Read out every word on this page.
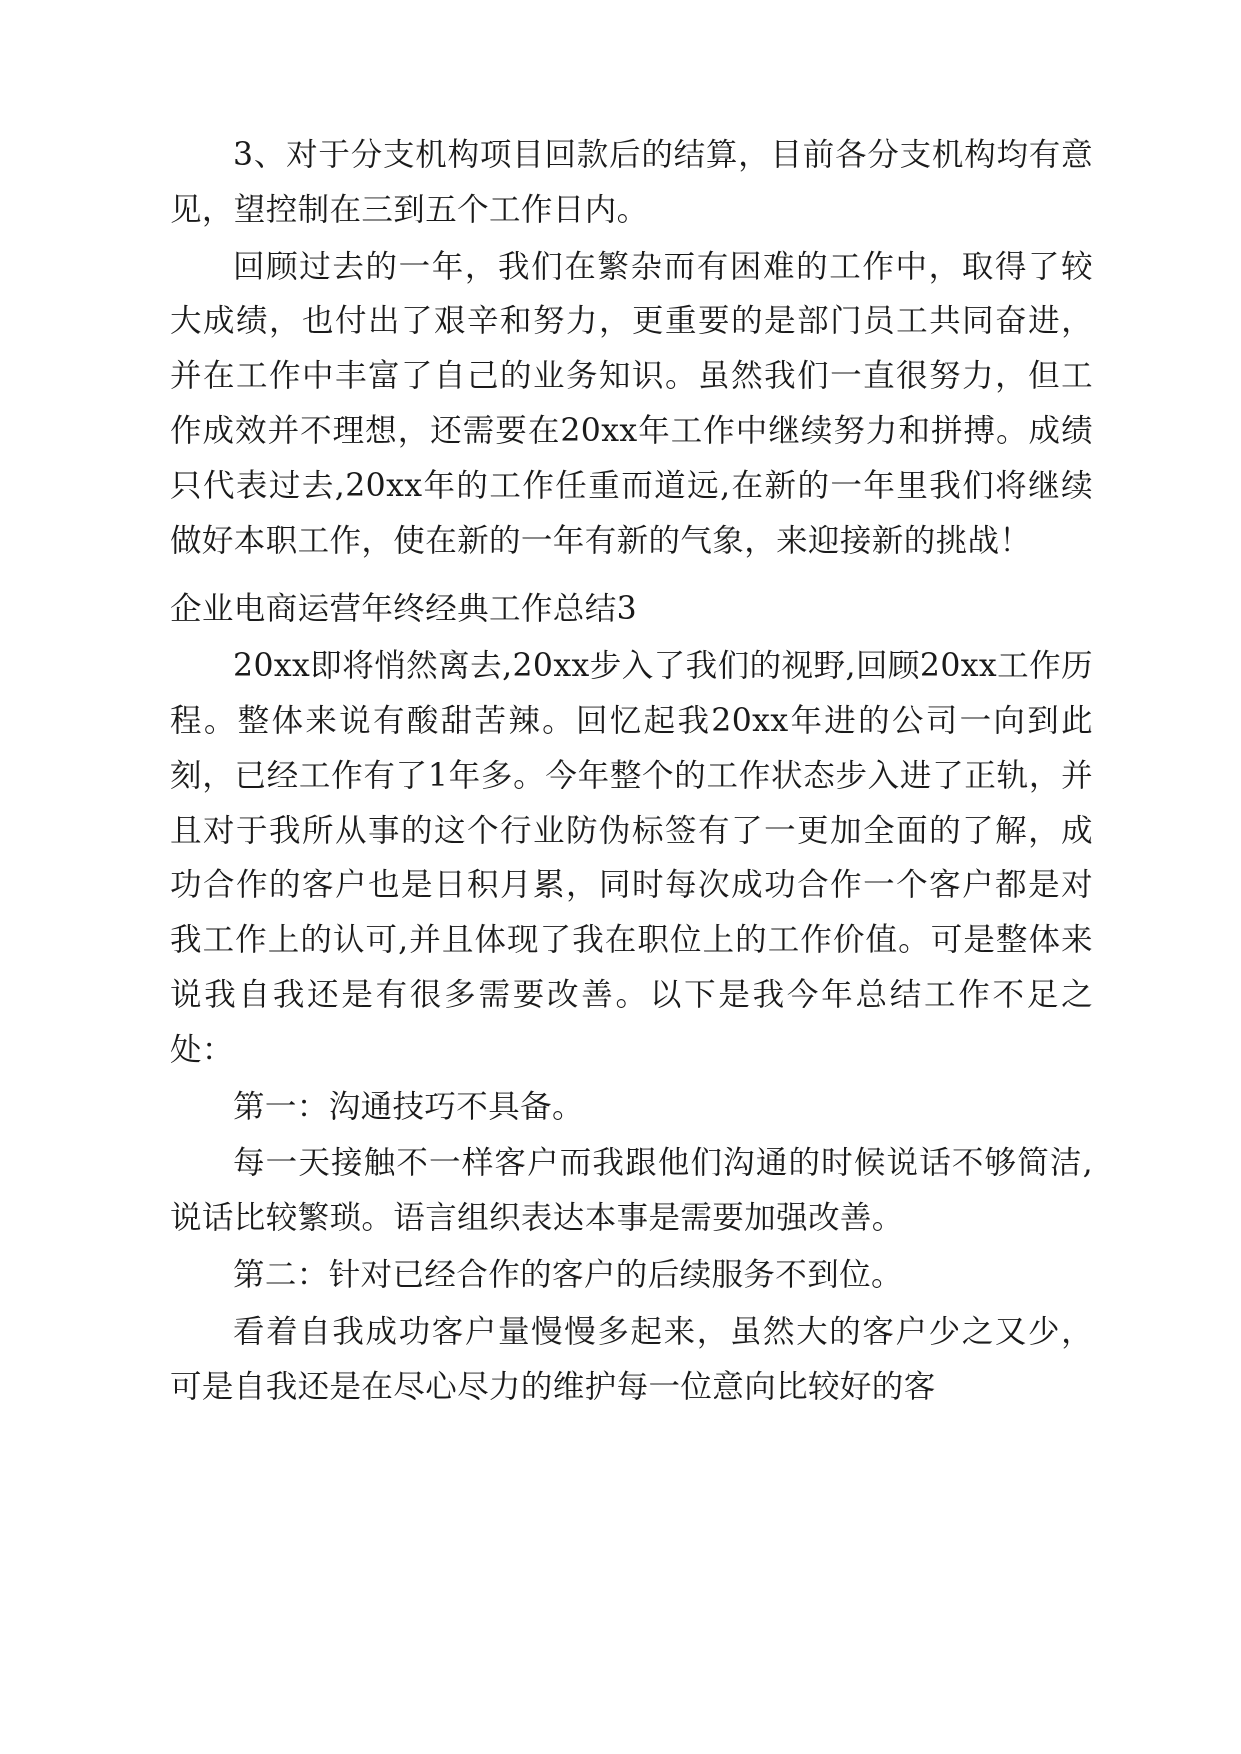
3、对于分支机构项目回款后的结算，目前各分支机构均有意见，望控制在三到五个工作日内。

回顾过去的一年，我们在繁杂而有困难的工作中，取得了较大成绩，也付出了艰辛和努力，更重要的是部门员工共同奋进，并在工作中丰富了自己的业务知识。虽然我们一直很努力，但工作成效并不理想，还需要在20xx年工作中继续努力和拼搏。成绩只代表过去,20xx年的工作任重而道远,在新的一年里我们将继续做好本职工作，使在新的一年有新的气象，来迎接新的挑战！

企业电商运营年终经典工作总结3

20xx即将悄然离去,20xx步入了我们的视野,回顾20xx工作历程。整体来说有酸甜苦辣。回忆起我20xx年进的公司一向到此刻，已经工作有了1年多。今年整个的工作状态步入进了正轨，并且对于我所从事的这个行业防伪标签有了一更加全面的了解，成功合作的客户也是日积月累，同时每次成功合作一个客户都是对我工作上的认可,并且体现了我在职位上的工作价值。可是整体来说我自我还是有很多需要改善。以下是我今年总结工作不足之处：

第一：沟通技巧不具备。

每一天接触不一样客户而我跟他们沟通的时候说话不够简洁,说话比较繁琐。语言组织表达本事是需要加强改善。

第二：针对已经合作的客户的后续服务不到位。

看着自我成功客户量慢慢多起来，虽然大的客户少之又少，可是自我还是在尽心尽力的维护每一位意向比较好的客
